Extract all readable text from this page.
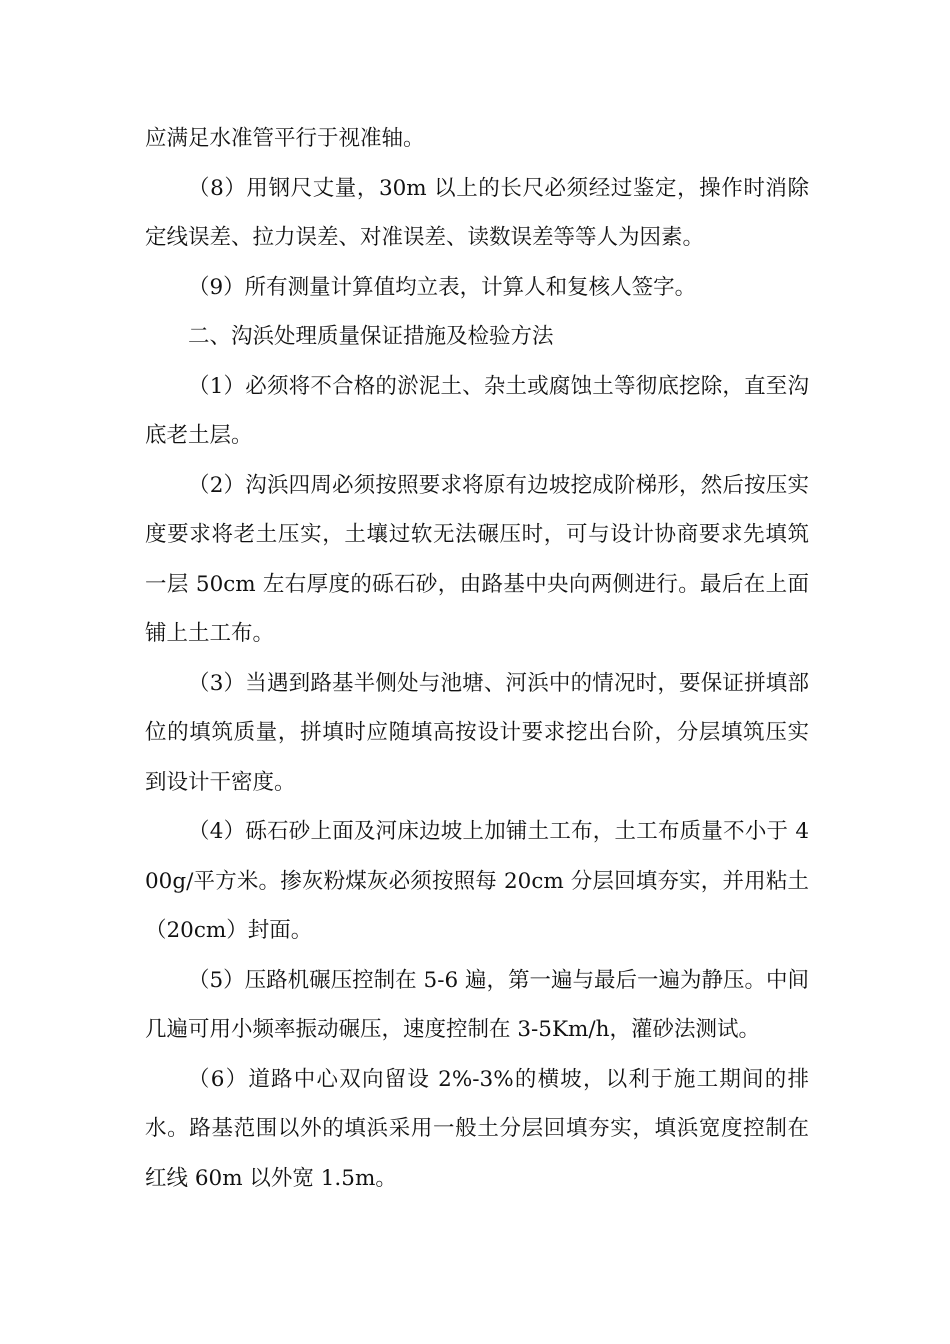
应满足水准管平行于视准轴。

（8）用钢尺丈量，30m 以上的长尺必须经过鉴定，操作时消除定线误差、拉力误差、对准误差、读数误差等等人为因素。

（9）所有测量计算值均立表，计算人和复核人签字。

二、沟浜处理质量保证措施及检验方法

（1）必须将不合格的淤泥土、杂土或腐蚀土等彻底挖除，直至沟底老土层。

（2）沟浜四周必须按照要求将原有边坡挖成阶梯形，然后按压实度要求将老土压实，土壤过软无法碾压时，可与设计协商要求先填筑一层 50cm 左右厚度的砾石砂，由路基中央向两侧进行。最后在上面铺上土工布。

（3）当遇到路基半侧处与池塘、河浜中的情况时，要保证拼填部位的填筑质量，拼填时应随填高按设计要求挖出台阶，分层填筑压实到设计干密度。

（4）砾石砂上面及河床边坡上加铺土工布，土工布质量不小于 400g/平方米。掺灰粉煤灰必须按照每 20cm 分层回填夯实，并用粘土（20cm）封面。

（5）压路机碾压控制在 5-6 遍，第一遍与最后一遍为静压。中间几遍可用小频率振动碾压，速度控制在 3-5Km/h，灌砂法测试。

（6）道路中心双向留设 2%-3%的横坡，以利于施工期间的排水。路基范围以外的填浜采用一般土分层回填夯实，填浜宽度控制在红线 60m 以外宽 1.5m。
